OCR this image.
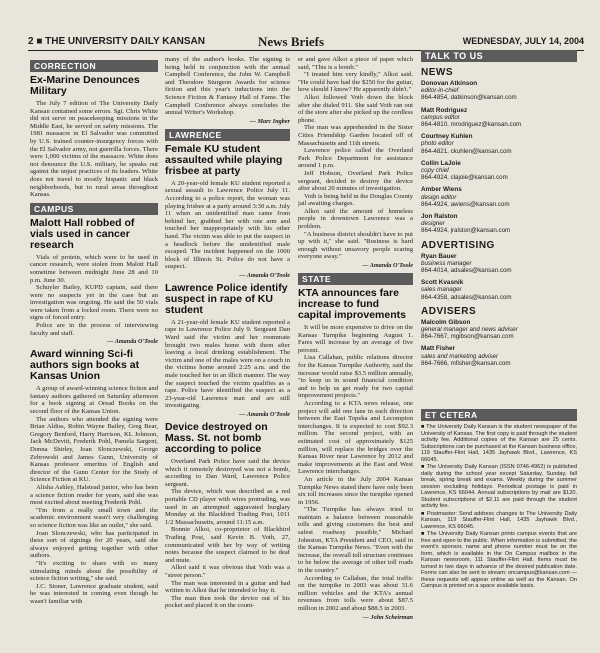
2 ■ THE UNIVERSITY DAILY KANSAN	News Briefs	WEDNESDAY, JULY 14, 2004
CORRECTION
Ex-Marine Denounces Military

The July 7 edition of The University Daily Kansan contained some errors. Sgt. Chris White did not serve on peacekeeping missions in the Middle East, he served on safety missions. The 1981 massacre in El Salvador was committed by U.S. trained counter-insurgency forces with the El Salvador army, not guerrilla forces. There were 1,000 victims of the massacre. White does not denounce the U.S. military, he speaks out against the unjust practices of its leaders. White does not travel to mostly hispanic and black neighborhoods, but to rural areas throughout Kansas.

CAMPUS
Malott Hall robbed of vials used in cancer research

Vials of protein, which were to be used in cancer research, were stolen from Malott Hall sometime between midnight June 28 and 10 p.m. June 30.

Schuyler Bailey, KUPD captain, said there were no suspects yet in the case but an investigation was ongoing. He said the 50 vials were taken from a locked room. There were no signs of forced entry.

Police are in the process of interviewing faculty and staff.

— Amanda O'Toole
Award winning Sci-fi authors sign books at Kansas Union

A group of award-winning science fiction and fantasy authors gathered on Saturday afternoon for a book signing at Oread Books on the second floor of the Kansas Union.

The authors who attended the signing were Brian Aldiss, Robin Wayne Bailey, Greg Bear, Gregory Benford, Harry Harrison, KL Johnson, Jack McDevitt, Frederik Pohl, Pamela Sargent, Donna Shirley, Joan Slonczewski, George Zebrowski and James Gunn, University of Kansas professor emeritus of English and director of the Gunn Center for the Study of Science Fiction at KU.

Alisha Ashley, Halstead junior, who has been a science fiction reader for years, said she was most excited about meeting Frederik Pohl.

"I'm from a really small town and the academic environment wasn't very challenging so science fiction was like an outlet," she said.

Joan Slonczewski, who has participated in these sort of signings for 20 years, said she always enjoyed getting together with other authors.

"It's exciting to share with so many stimulating minds about the possibility of science fiction writing," she said.

J.C. Stoner, Lawrence graduate student, said he was interested in coming even though he wasn't familiar with

many of the author's books. The signing is being held in conjunction with the annual Campbell Conference, the John W. Campbell and Theodore Sturgeon Awards for science fiction and this year's inductions into the Science Fiction & Fantasy Hall of Fame. The Campbell Conference always concludes the annual Writer's Workshop.

— Marc Ingber
LAWRENCE
Female KU student assaulted while playing frisbee at party

A 20-year-old female KU student reported a sexual assault to Lawrence Police July 11. According to a police report, the woman was playing frisbee at a party around 3:30 a.m. July 11 when an unidentified man came from behind her, grabbed her with one arm and touched her inappropriately with his other hand. The victim was able to put the suspect in a headlock before the unidentified male escaped. The incident happened on the 1000 block of Illinois St. Police do not have a suspect.

— Amanda O'Toole
Lawrence Police identify suspect in rape of KU student

A 21-year-old female KU student reported a rape to Lawrence Police July 9. Sergeant Dan Ward said the victim and her roommate brought two males home with them after leaving a local drinking establishment. The victim and one of the males were on a couch in the victims home around 2:25 a.m. and the male touched her in an illicit manner. The way the suspect touched the victim qualifies as a rape. Police have identified the suspect as a 23-year-old Lawrence man and are still investigating.

— Amanda O'Toole
Device destroyed on Mass. St. not bomb according to police

Overland Park Police have said the device which it remotely destroyed was not a bomb, according to Dan Ward, Lawrence Police sergeant.

The device, which was described as a red portable CD player with wires protruding, was used in an attempted aggravated burglary Monday at the Blackbird Trading Post, 1011 1/2 Massachusetts, around 11:15 a.m.

Bonnie Alkoi, co-proprietor of Blackbird Trading Post, said Kevin B. Voth, 27, communicated with her by way of writing notes because the suspect claimed to be deaf and mute.

Alkoi said it was obvious that Voth was a "street person."

The man was interested in a guitar and had written to Alkoi that he intended to buy it.

The man then took the device out of his pocket and placed it on the count-

er and gave Alkoi a piece of paper which said, "This is a bomb."

"I treated him very kindly," Alkoi said. "He could have had the $250 for the guitar, how should I know? He apparently didn't."

Alkoi followed Voth down the block after she dialed 911. She said Voth ran out of the store after she picked up the cordless phone.

The man was apprehended in the Sister Cities Friendship Garden located off of Massachusetts and 11th streets.

Lawrence police called the Overland Park Police Department for assistance around 1 p.m.

Jeff Hobson, Overland Park Police sergeant, decided to destroy the device after about 20 minutes of investigation.

Voth is being held in the Douglas County jail awaiting charges.

Alkoi said the amount of homeless people in downtown Lawrence was a problem.

"A business district shouldn't have to put up with it," she said. "Business is hard enough without unsavory people scaring everyone away."

— Amanda O'Toole
STATE
KTA announces fare increase to fund capital improvements

It will be more expensive to drive on the Kansas Turnpike beginning August 1. Fares will increase by an average of five percent.

Lisa Callahan, public relations director for the Kansas Turnpike Authority, said the increase would raise $3.5 million annually, "to keep us in sound financial condition and to help us get ready for two capital improvement projects."

According to a KTA news release, one project will add one lane in each direction between the East Topeka and Lecompton interchanges. It is expected to cost $92.3 million. The second project, with an estimated cost of approximately $125 million, will replace the bridges over the Kansas River near Lawrence by 2012 and make improvements at the East and West Lawrence interchanges.

An article in the July 2004 Kansas Turnpike News stated there have only been six toll increases since the turnpike opened in 1956.

"The Turnpike has always tried to maintain a balance between reasonable tolls and giving customers the best and safest roadway possible," Michael Johnston, KTA President and CEO, said in the Kansas Turnpike News. "Even with the increase, the overall toll structure continues to be below the average of other toll roads in the country."

According to Callahan, the total traffic on the turnpike in 2003 was about 31.6 million vehicles and the KTA's annual revenues from tolls were about $87.5 million in 2002 and about $88.5 in 2003.

— John Scheirman
TALK TO US
NEWS
Donovan Atkinson
editor-in-chief
864-4854, datkinson@kansan.com
Matt Rodriguez
campus editor
864-4810, mrodriguez@kansan.com
Courtney Kuhlen
photo editor
864-4821, ckuhlen@kansan.com
Collin LaJoie
copy chief
864-4924, clajoie@kansan.com
Amber Wiens
design editor
864-4924, awiens@kansan.com
Jon Ralston
designer
864-4924, jralston@kansan.com
ADVERTISING
Ryan Bauer
business manager
864-4014, adsales@kansan.com
Scott Kvasnik
sales manager
864-4358, adsales@kansan.com
ADVISERS
Malcolm Gibson
general manager and news adviser
864-7667, mgibson@kansan.com
Matt Fisher
sales and marketing adviser
864-7666, mfisher@kansan.com
ET CETERA

■ The University Daily Kansan is the student newspaper of the University of Kansas. The first copy is paid through the student activity fee. Additional copies of the Kansan are 25 cents. Subscriptions can be purchased at the Kansan business office, 119 Stauffer-Flint Hall, 1435 Jayhawk Blvd., Lawrence, KS 66045.

■ The University Daily Kansan (ISSN 0746-4962) is published daily during the school year except Saturday, Sunday, fall break, spring break and exams. Weekly during the summer session excluding holidays. Periodical postage is paid in Lawrence, KS 66044. Annual subscriptions by mail are $120. Student subscriptions of $2.11 are paid through the student activity fee.

■ Postmaster: Send address changes to The University Daily Kansan, 119 Stauffer-Flint Hall, 1435 Jayhawk Blvd., Lawrence, KS 66045.

■ The University Daily Kansan prints campus events that are free and open to the public. When information is submitted, the event's sponsor, name and phone number must be on the form, which is available in the On Campus mailbox in the Kansan newsroom, 111 Stauffer-Flint Hall. Items must be turned in two days in advance of the desired publication date. Forms can also be sent to stream: oncampus@kansan.com — these requests will appear online as well as the Kansan. On Campus is printed on a space available basis.
